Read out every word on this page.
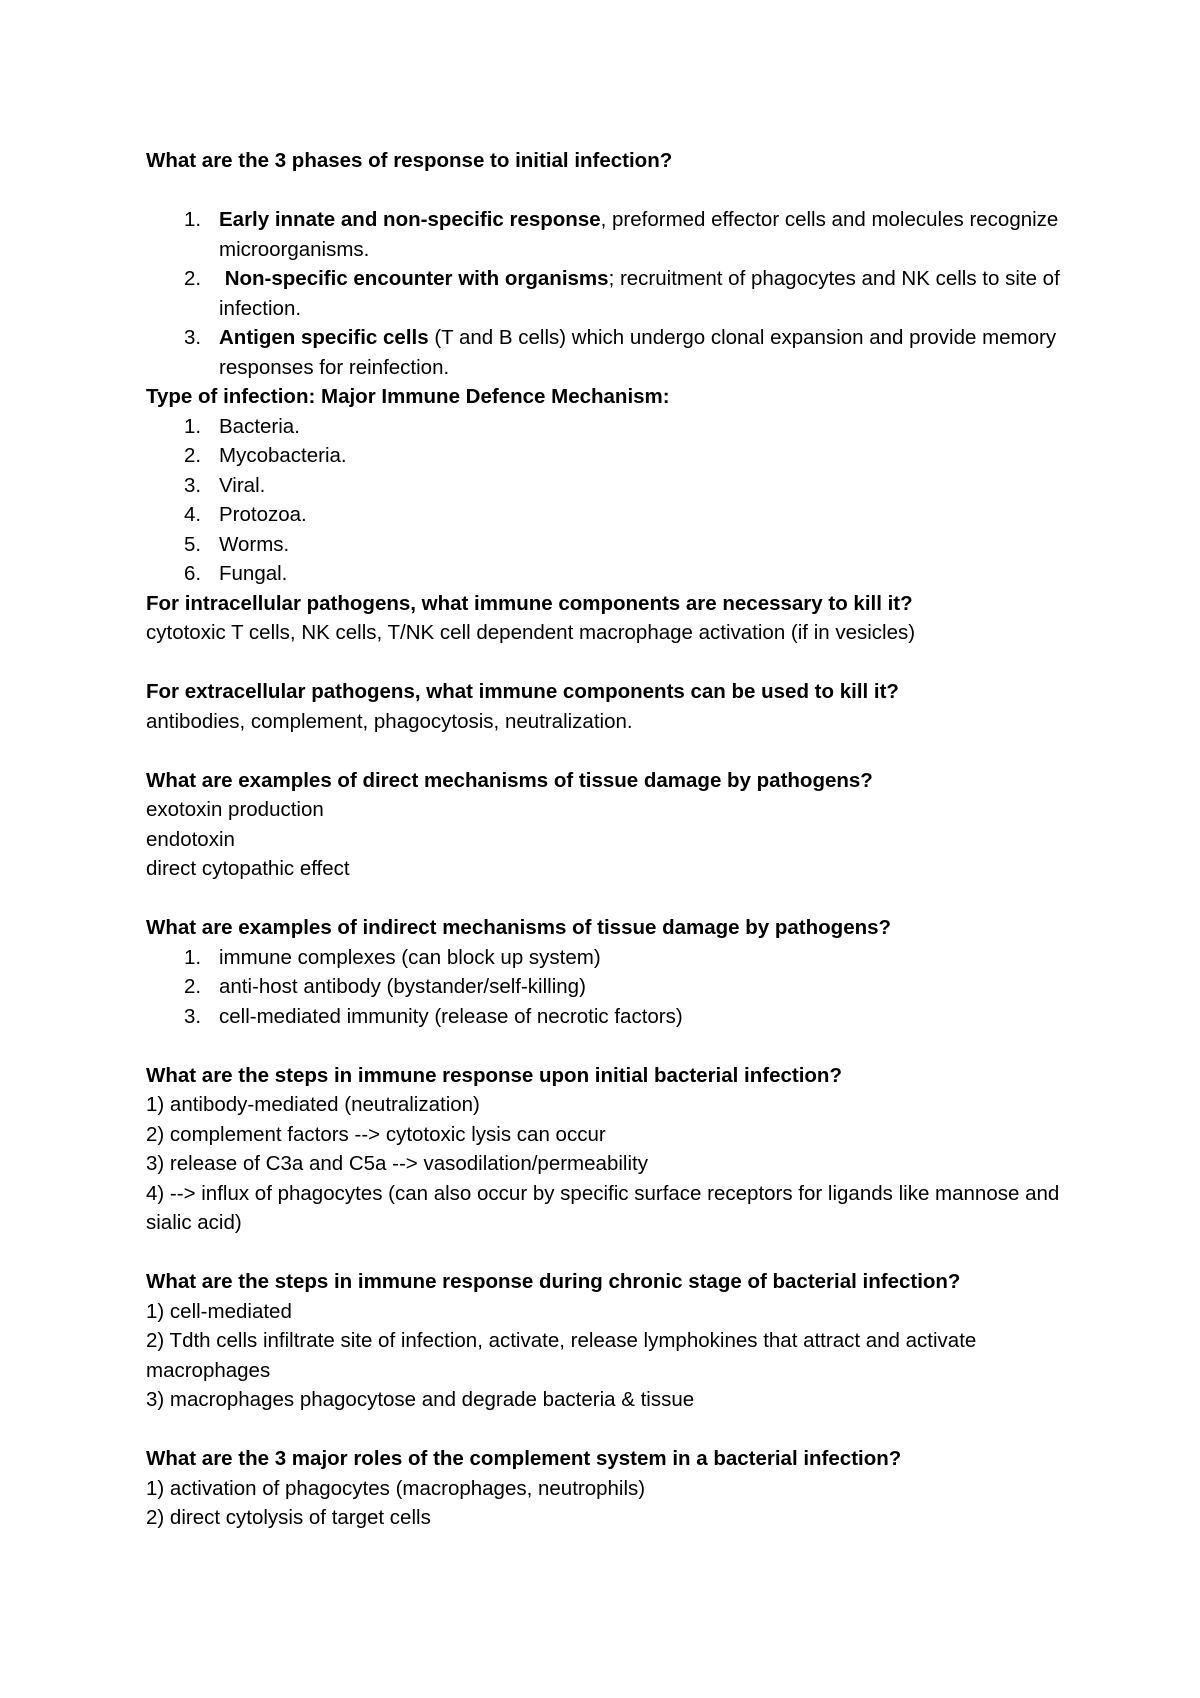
What are the 3 phases of response to initial infection?

1. Early innate and non-specific response, preformed effector cells and molecules recognize microorganisms.
2. Non-specific encounter with organisms; recruitment of phagocytes and NK cells to site of infection.
3. Antigen specific cells (T and B cells) which undergo clonal expansion and provide memory responses for reinfection.

Type of infection: Major Immune Defence Mechanism:

1. Bacteria.
2. Mycobacteria.
3. Viral.
4. Protozoa.
5. Worms.
6. Fungal.

For intracellular pathogens, what immune components are necessary to kill it?

cytotoxic T cells, NK cells, T/NK cell dependent macrophage activation (if in vesicles)

For extracellular pathogens, what immune components can be used to kill it?

antibodies, complement, phagocytosis, neutralization.

What are examples of direct mechanisms of tissue damage by pathogens?

exotoxin production

endotoxin

direct cytopathic effect

What are examples of indirect mechanisms of tissue damage by pathogens?

1. immune complexes (can block up system)
2. anti-host antibody (bystander/self-killing)
3. cell-mediated immunity (release of necrotic factors)

What are the steps in immune response upon initial bacterial infection?

1) antibody-mediated (neutralization)

2) complement factors --> cytotoxic lysis can occur

3) release of C3a and C5a --> vasodilation/permeability

4) --> influx of phagocytes (can also occur by specific surface receptors for ligands like mannose and sialic acid)

What are the steps in immune response during chronic stage of bacterial infection?

1) cell-mediated

2) Tdth cells infiltrate site of infection, activate, release lymphokines that attract and activate macrophages

3) macrophages phagocytose and degrade bacteria & tissue

What are the 3 major roles of the complement system in a bacterial infection?

1) activation of phagocytes (macrophages, neutrophils)

2) direct cytolysis of target cells
